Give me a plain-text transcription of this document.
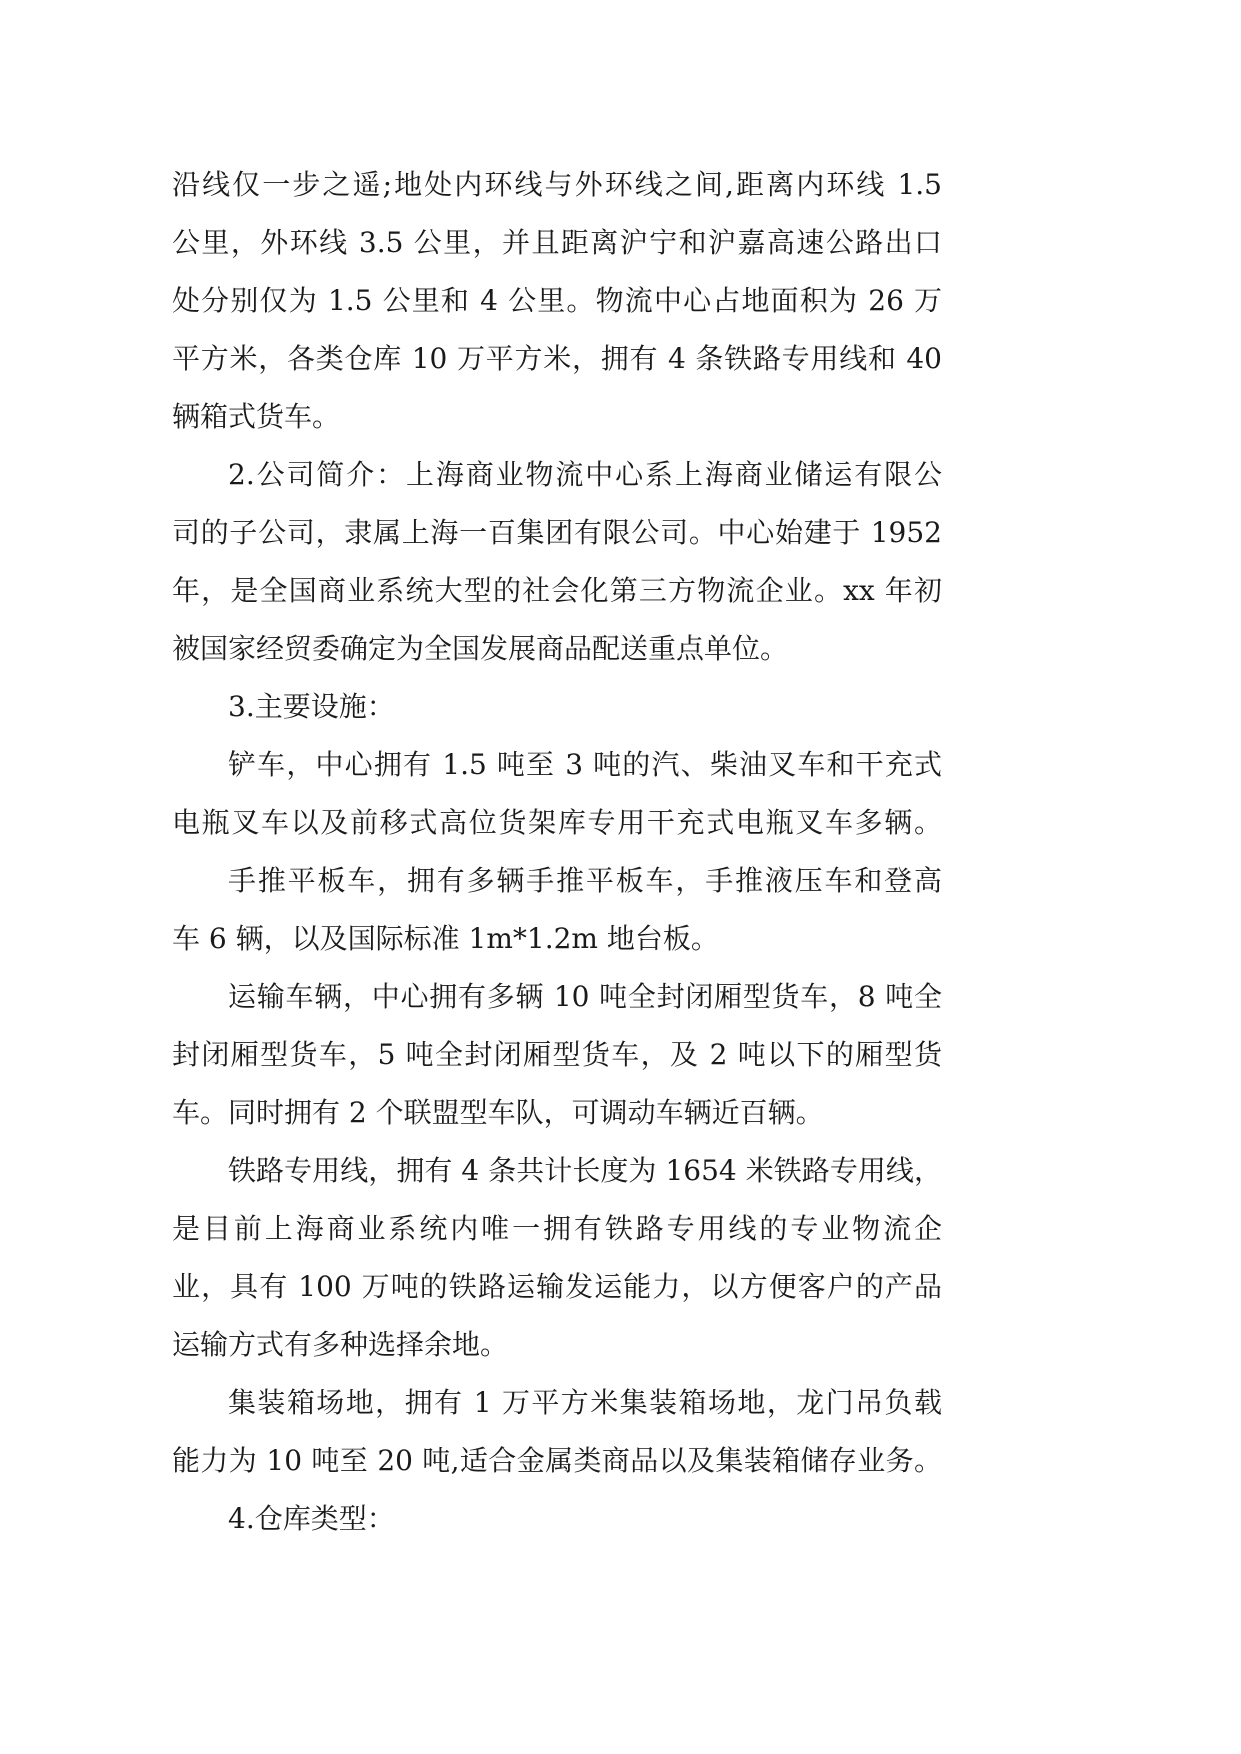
沿线仅一步之遥;地处内环线与外环线之间,距离内环线 1.5
公里，外环线 3.5 公里，并且距离沪宁和沪嘉高速公路出口
处分别仅为 1.5 公里和 4 公里。物流中心占地面积为 26 万
平方米，各类仓库 10 万平方米，拥有 4 条铁路专用线和 40
辆箱式货车。
2.公司简介：上海商业物流中心系上海商业储运有限公
司的子公司，隶属上海一百集团有限公司。中心始建于 1952
年，是全国商业系统大型的社会化第三方物流企业。xx 年初
被国家经贸委确定为全国发展商品配送重点单位。
3.主要设施：
铲车，中心拥有 1.5 吨至 3 吨的汽、柴油叉车和干充式
电瓶叉车以及前移式高位货架库专用干充式电瓶叉车多辆。
手推平板车，拥有多辆手推平板车，手推液压车和登高
车 6 辆，以及国际标准 1m*1.2m 地台板。
运输车辆，中心拥有多辆 10 吨全封闭厢型货车，8 吨全
封闭厢型货车，5 吨全封闭厢型货车，及 2 吨以下的厢型货
车。同时拥有 2 个联盟型车队，可调动车辆近百辆。
铁路专用线，拥有 4 条共计长度为 1654 米铁路专用线，
是目前上海商业系统内唯一拥有铁路专用线的专业物流企
业，具有 100 万吨的铁路运输发运能力，以方便客户的产品
运输方式有多种选择余地。
集装箱场地，拥有 1 万平方米集装箱场地，龙门吊负载
能力为 10 吨至 20 吨,适合金属类商品以及集装箱储存业务。
4.仓库类型：
